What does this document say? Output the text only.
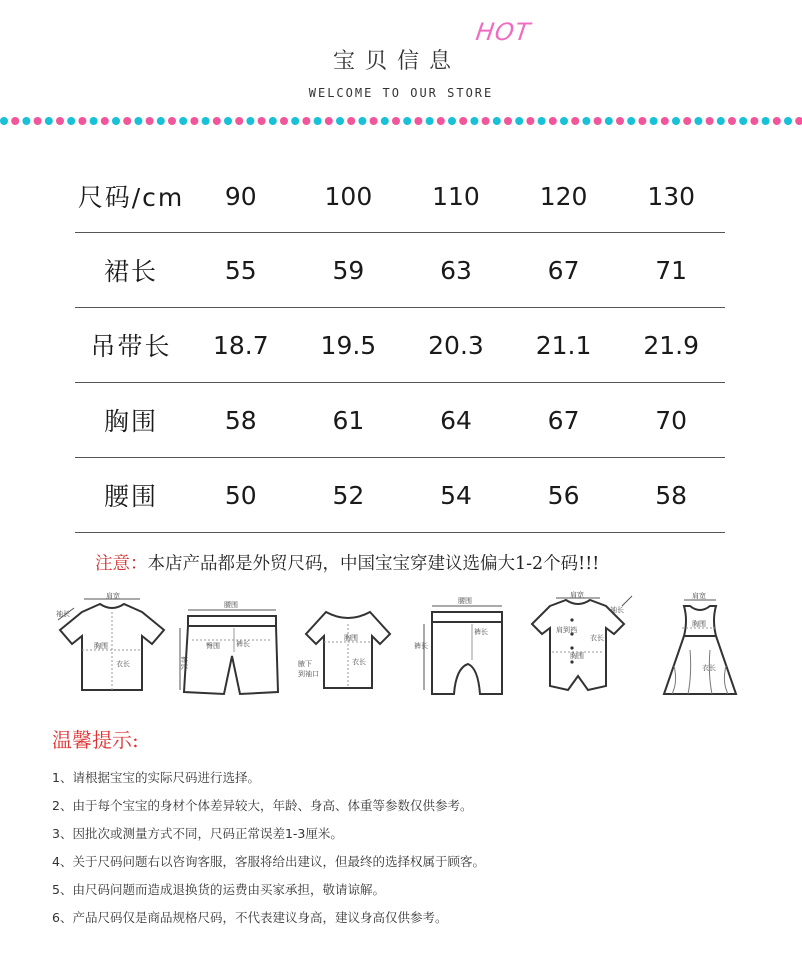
宝贝信息
HOT
WELCOME TO OUR STORE
尺码/cm	90	100	110	120	130
裙长	55	59	63	67	71
吊带长	18.7	19.5	20.3	21.1	21.9
胸围	58	61	64	67	70
腰围	50	52	54	56	58
注意：本店产品都是外贸尺码，中国宝宝穿建议选偏大1-2个码!!!
肩宽
袖长
胸围
衣长
腰围
臀围
裤长
裤长
胸围
衣长
腋下
到袖口
腰围
裤长
裤长
肩宽
袖长
肩到裆
胸围
衣长
肩宽
胸围
衣长
温馨提示:
1、请根据宝宝的实际尺码进行选择。
2、由于每个宝宝的身材个体差异较大，年龄、身高、体重等参数仅供参考。
3、因批次或测量方式不同，尺码正常误差1-3厘米。
4、关于尺码问题右以咨询客服，客服将给出建议，但最终的选择权属于顾客。
5、由尺码问题而造成退换货的运费由买家承担，敬请谅解。
6、产品尺码仅是商品规格尺码，不代表建议身高，建议身高仅供参考。
